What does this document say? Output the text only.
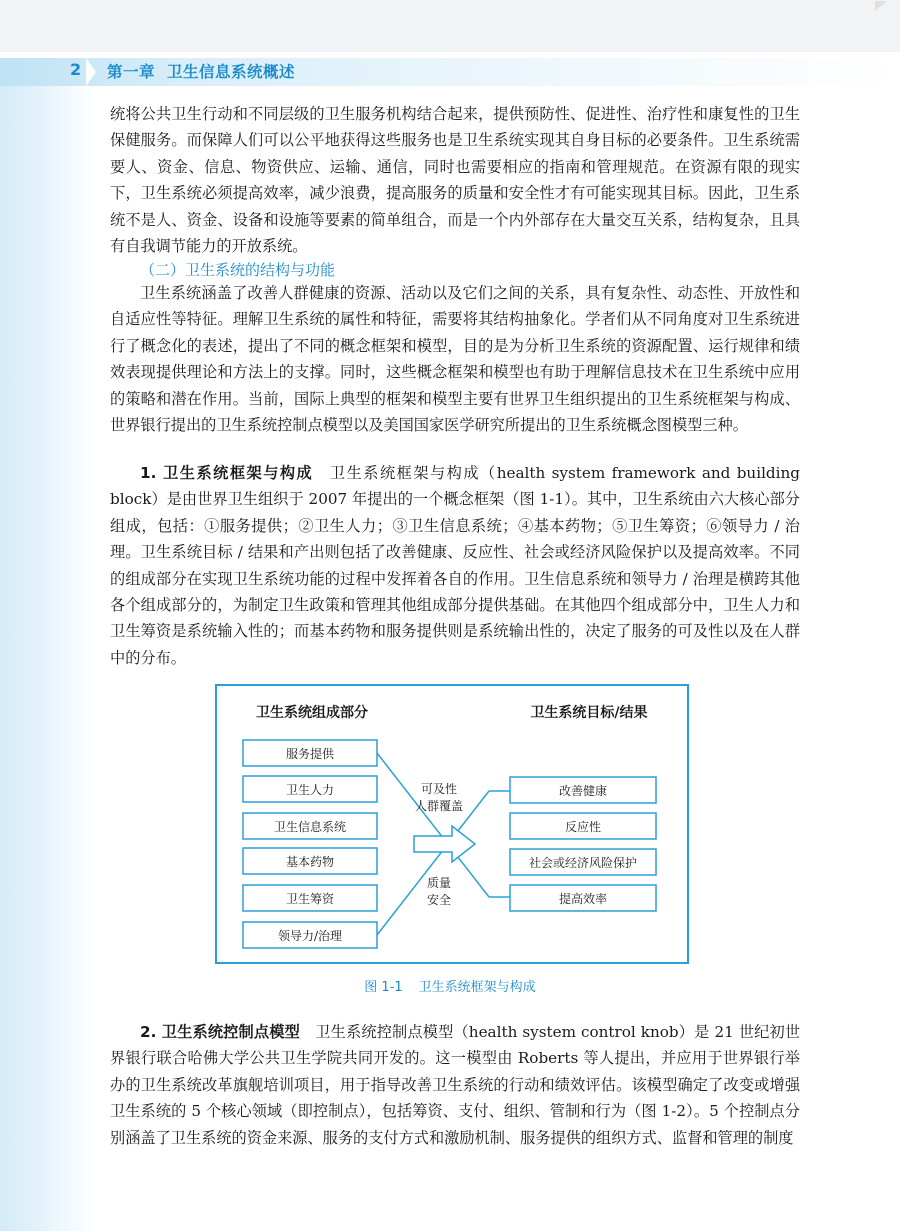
2 第一章 卫生信息系统概述

统将公共卫生行动和不同层级的卫生服务机构结合起来，提供预防性、促进性、治疗性和康复性的卫生保健服务。而保障人们可以公平地获得这些服务也是卫生系统实现其自身目标的必要条件。卫生系统需要人、资金、信息、物资供应、运输、通信，同时也需要相应的指南和管理规范。在资源有限的现实下，卫生系统必须提高效率，减少浪费，提高服务的质量和安全性才有可能实现其目标。因此，卫生系统不是人、资金、设备和设施等要素的简单组合，而是一个内外部存在大量交互关系，结构复杂，且具有自我调节能力的开放系统。

（二）卫生系统的结构与功能

卫生系统涵盖了改善人群健康的资源、活动以及它们之间的关系，具有复杂性、动态性、开放性和自适应性等特征。理解卫生系统的属性和特征，需要将其结构抽象化。学者们从不同角度对卫生系统进行了概念化的表述，提出了不同的概念框架和模型，目的是为分析卫生系统的资源配置、运行规律和绩效表现提供理论和方法上的支撑。同时，这些概念框架和模型也有助于理解信息技术在卫生系统中应用的策略和潜在作用。当前，国际上典型的框架和模型主要有世界卫生组织提出的卫生系统框架与构成、世界银行提出的卫生系统控制点模型以及美国国家医学研究所提出的卫生系统概念图模型三种。

1. 卫生系统框架与构成　 卫生系统框架与构成（health system framework and building block）是由世界卫生组织于 2007 年提出的一个概念框架（图 1-1）。其中，卫生系统由六大核心部分组成，包括：①服务提供；②卫生人力；③卫生信息系统；④基本药物；⑤卫生筹资；⑥领导力 / 治理。卫生系统目标 / 结果和产出则包括了改善健康、反应性、社会或经济风险保护以及提高效率。不同的组成部分在实现卫生系统功能的过程中发挥着各自的作用。卫生信息系统和领导力 / 治理是横跨其他各个组成部分的，为制定卫生政策和管理其他组成部分提供基础。在其他四个组成部分中，卫生人力和卫生筹资是系统输入性的；而基本药物和服务提供则是系统输出性的，决定了服务的可及性以及在人群中的分布。

卫生系统组成部分	卫生系统目标/结果
服务提供
卫生人力
卫生信息系统
基本药物
卫生筹资
领导力/治理
改善健康
反应性
社会或经济风险保护
提高效率
可及性
人群覆盖
质量
安全
图 1-1 卫生系统框架与构成

2. 卫生系统控制点模型　 卫生系统控制点模型（health system control knob）是 21 世纪初世界银行联合哈佛大学公共卫生学院共同开发的。这一模型由 Roberts 等人提出，并应用于世界银行举办的卫生系统改革旗舰培训项目，用于指导改善卫生系统的行动和绩效评估。该模型确定了改变或增强卫生系统的 5 个核心领域（即控制点），包括筹资、支付、组织、管制和行为（图 1-2）。5 个控制点分别涵盖了卫生系统的资金来源、服务的支付方式和激励机制、服务提供的组织方式、监督和管理的制度
